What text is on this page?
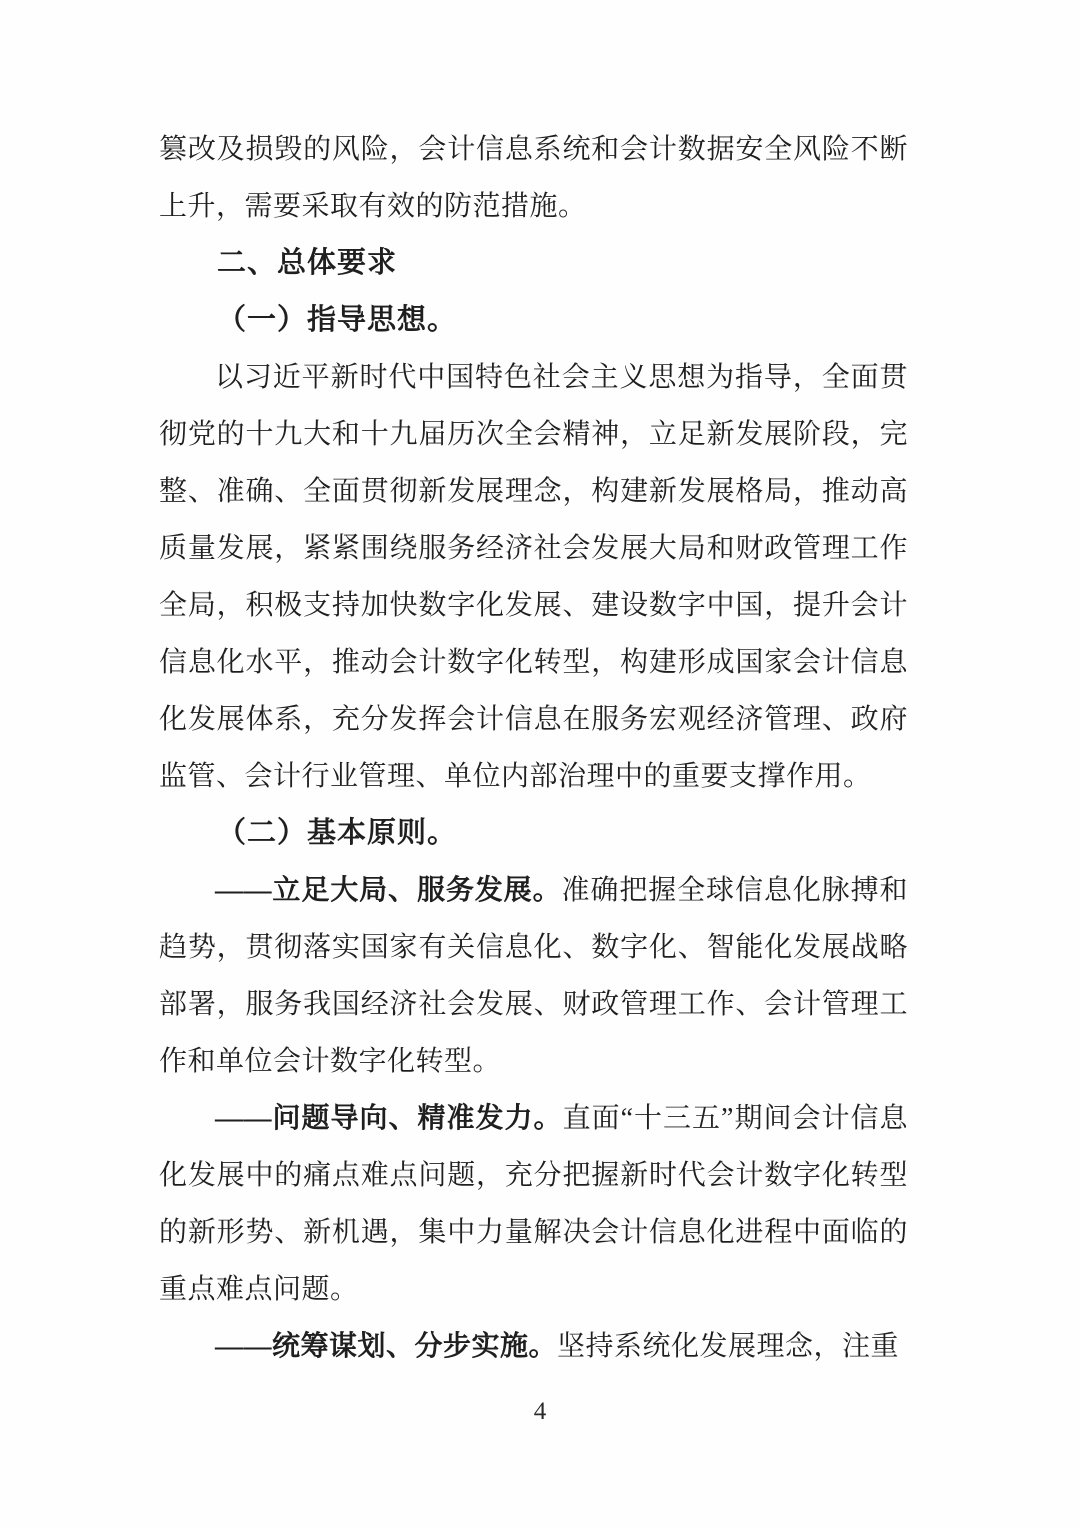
篡改及损毁的风险，会计信息系统和会计数据安全风险不断上升，需要采取有效的防范措施。

二、总体要求

（一）指导思想。

以习近平新时代中国特色社会主义思想为指导，全面贯彻党的十九大和十九届历次全会精神，立足新发展阶段，完整、准确、全面贯彻新发展理念，构建新发展格局，推动高质量发展，紧紧围绕服务经济社会发展大局和财政管理工作全局，积极支持加快数字化发展、建设数字中国，提升会计信息化水平，推动会计数字化转型，构建形成国家会计信息化发展体系，充分发挥会计信息在服务宏观经济管理、政府监管、会计行业管理、单位内部治理中的重要支撑作用。

（二）基本原则。

——立足大局、服务发展。准确把握全球信息化脉搏和趋势，贯彻落实国家有关信息化、数字化、智能化发展战略部署，服务我国经济社会发展、财政管理工作、会计管理工作和单位会计数字化转型。

——问题导向、精准发力。直面“十三五”期间会计信息化发展中的痛点难点问题，充分把握新时代会计数字化转型的新形势、新机遇，集中力量解决会计信息化进程中面临的重点难点问题。

——统筹谋划、分步实施。坚持系统化发展理念，注重

4
